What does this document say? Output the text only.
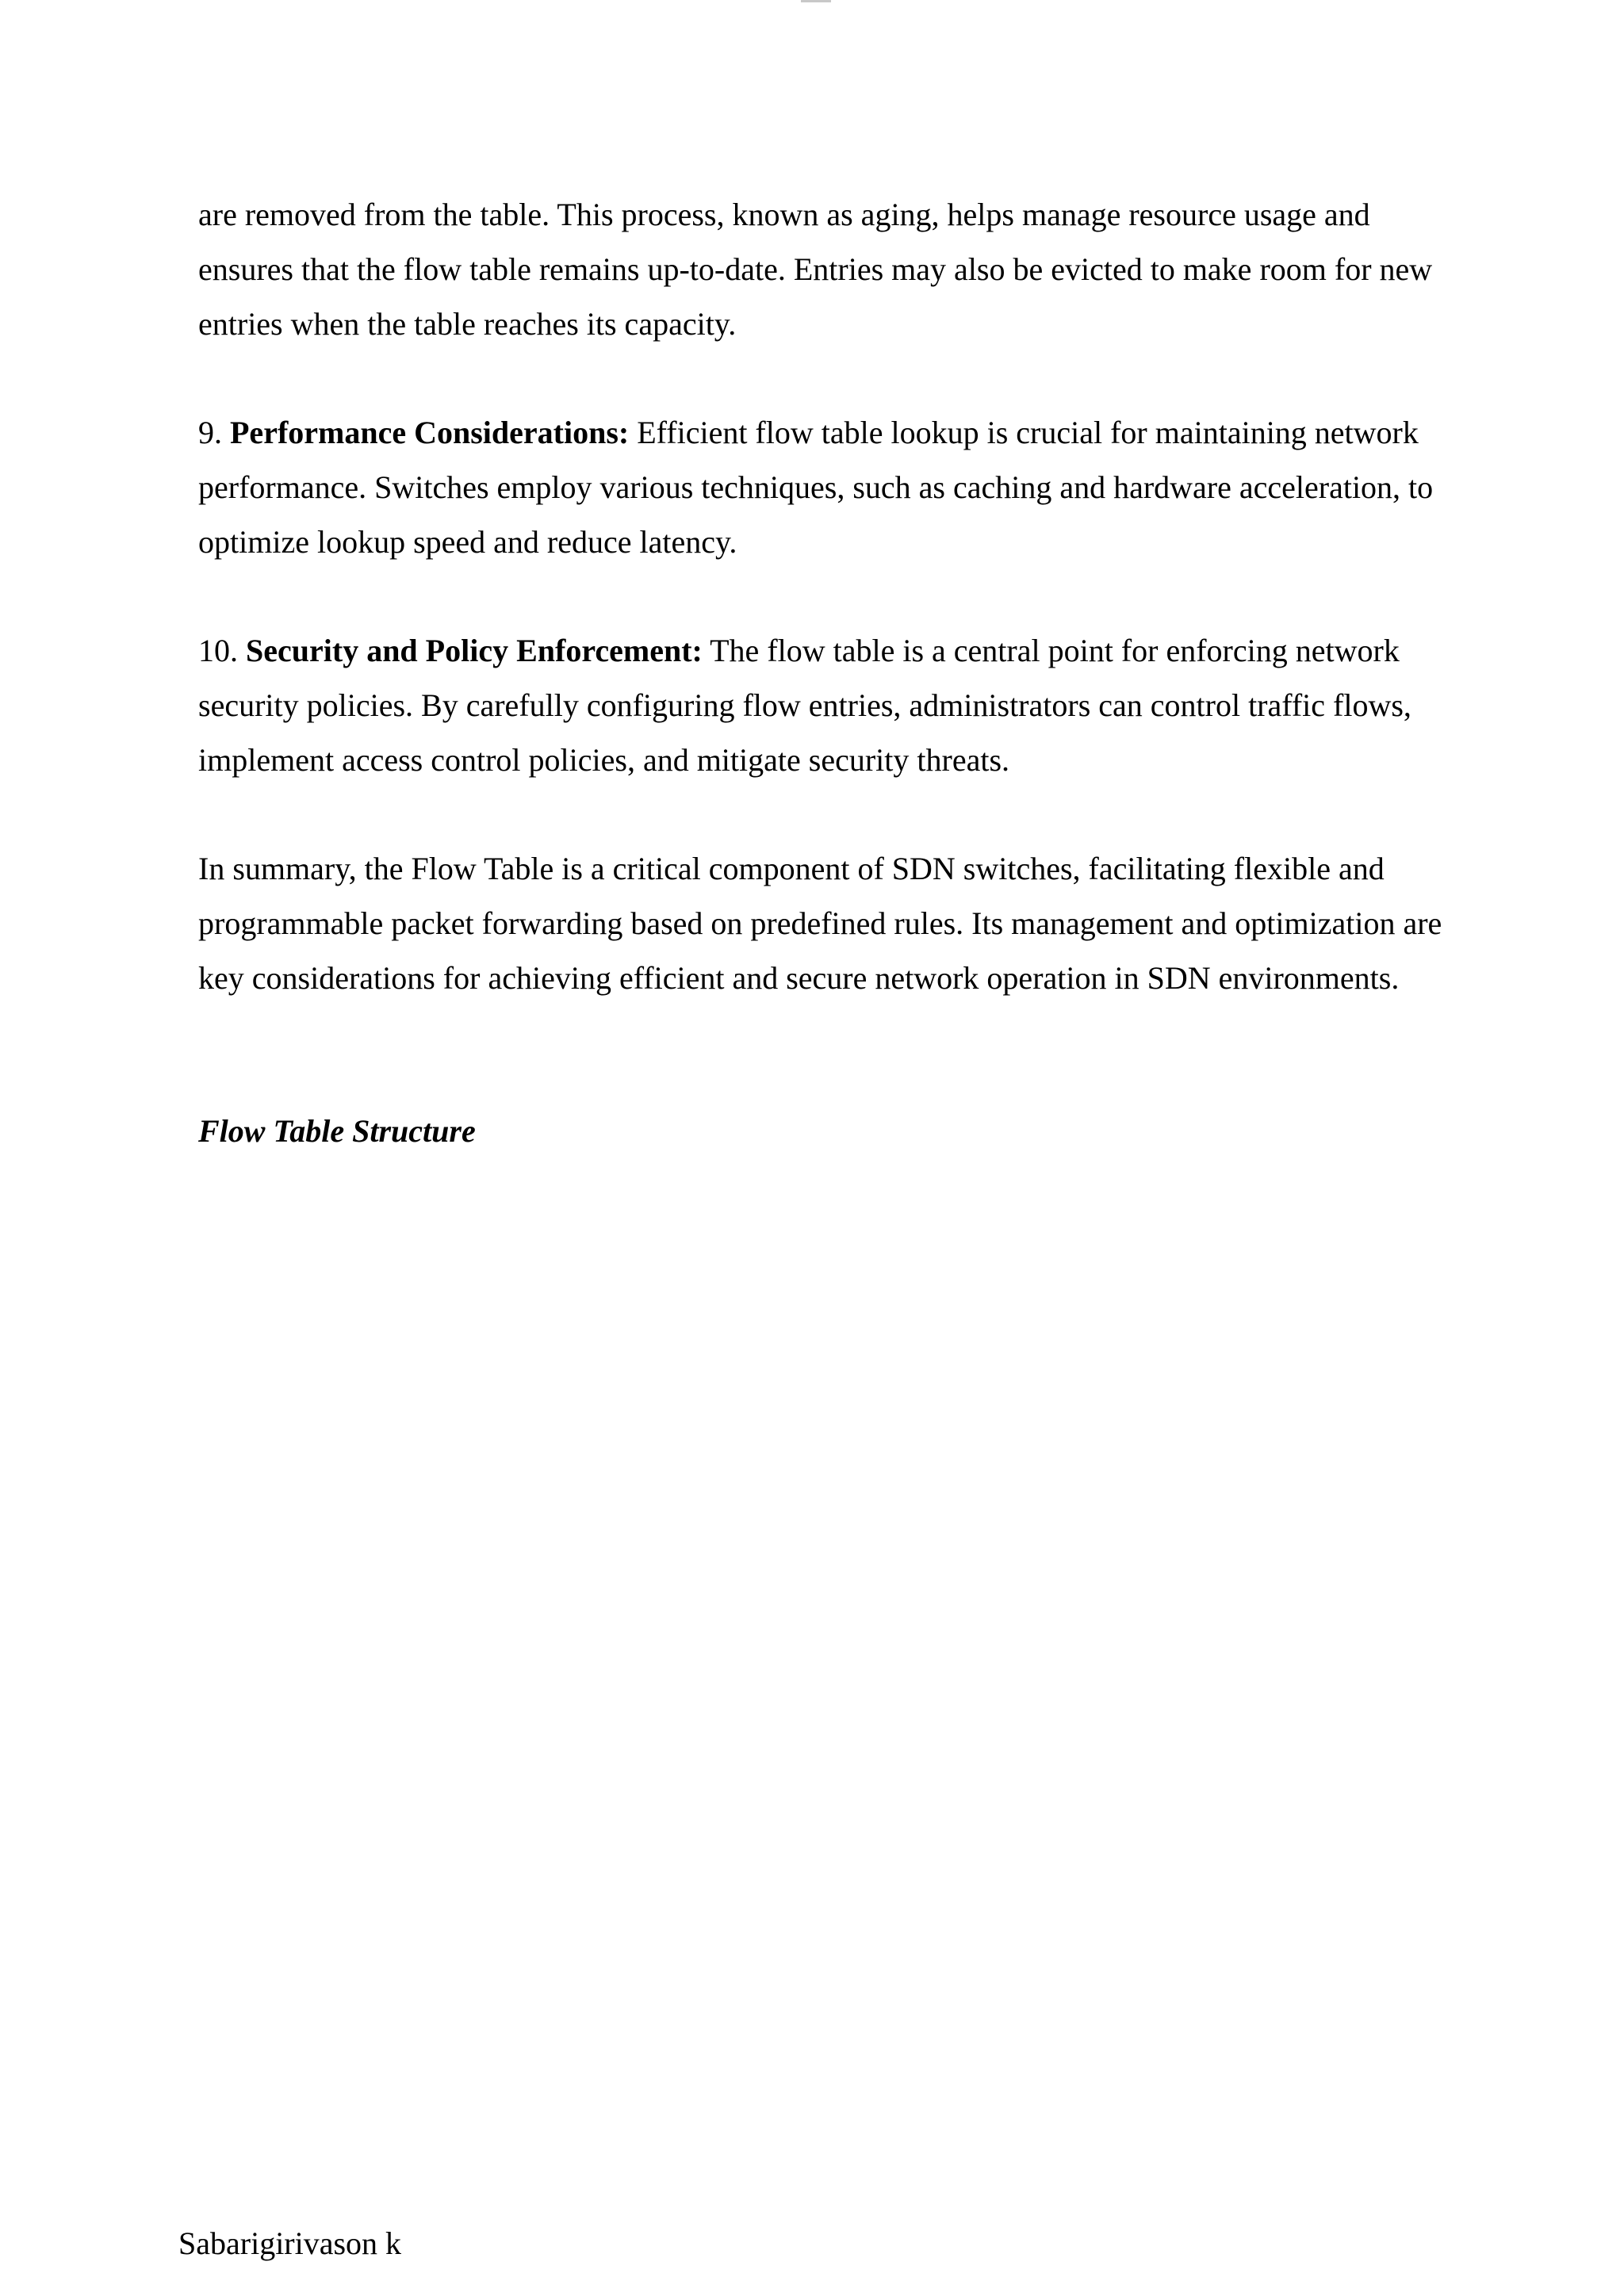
are removed from the table. This process, known as aging, helps manage resource usage and
ensures that the flow table remains up-to-date. Entries may also be evicted to make room for new
entries when the table reaches its capacity.

9. Performance Considerations: Efficient flow table lookup is crucial for maintaining network
performance. Switches employ various techniques, such as caching and hardware acceleration, to
optimize lookup speed and reduce latency.

10. Security and Policy Enforcement: The flow table is a central point for enforcing network
security policies. By carefully configuring flow entries, administrators can control traffic flows,
implement access control policies, and mitigate security threats.

In summary, the Flow Table is a critical component of SDN switches, facilitating flexible and
programmable packet forwarding based on predefined rules. Its management and optimization are
key considerations for achieving efficient and secure network operation in SDN environments.

Flow Table Structure
Sabarigirivason k
